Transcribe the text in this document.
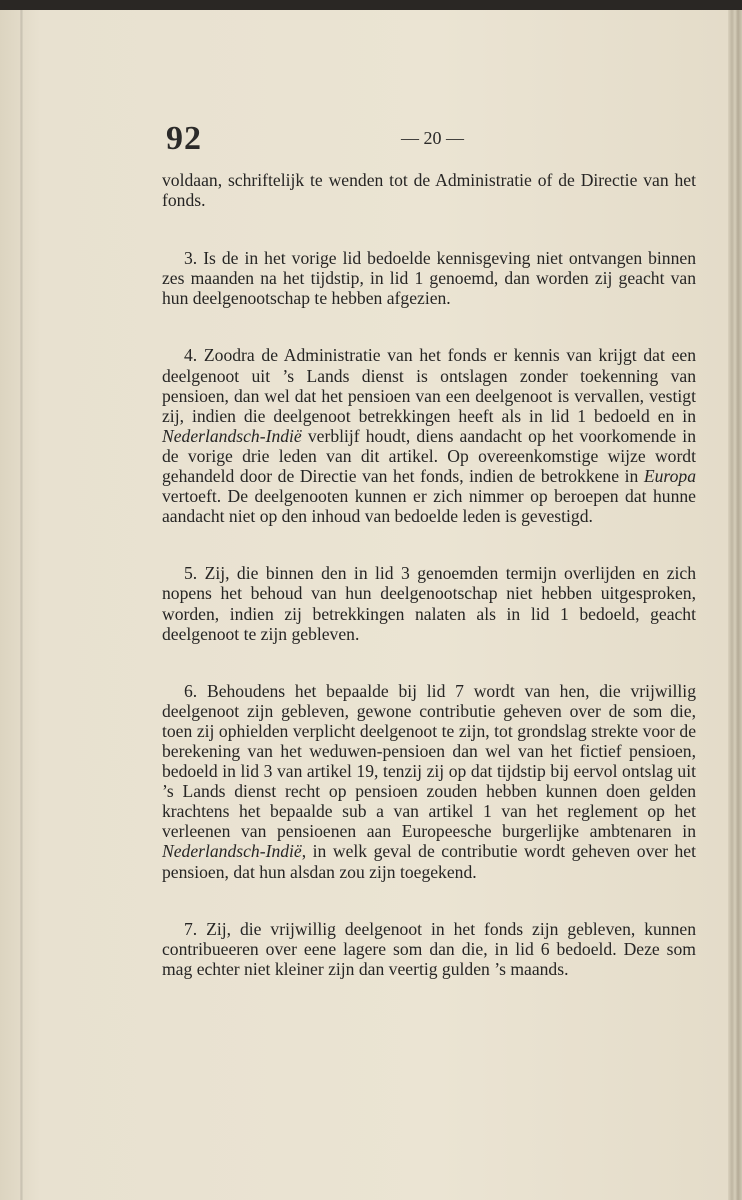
92	— 20 —

voldaan, schriftelijk te wenden tot de Administratie of de Directie van het fonds.

3. Is de in het vorige lid bedoelde kennisgeving niet ontvangen binnen zes maanden na het tijdstip, in lid 1 genoemd, dan worden zij geacht van hun deelgenootschap te hebben afgezien.

4. Zoodra de Administratie van het fonds er kennis van krijgt dat een deelgenoot uit ’s Lands dienst is ontslagen zonder toekenning van pensioen, dan wel dat het pensioen van een deelgenoot is vervallen, vestigt zij, indien die deelgenoot betrekkingen heeft als in lid 1 bedoeld en in Nederlandsch-Indië verblijf houdt, diens aandacht op het voorkomende in de vorige drie leden van dit artikel. Op overeenkomstige wijze wordt gehandeld door de Directie van het fonds, indien de betrokkene in Europa vertoeft. De deelgenooten kunnen er zich nimmer op beroepen dat hunne aandacht niet op den inhoud van bedoelde leden is gevestigd.

5. Zij, die binnen den in lid 3 genoemden termijn overlijden en zich nopens het behoud van hun deelgenootschap niet hebben uitgesproken, worden, indien zij betrekkingen nalaten als in lid 1 bedoeld, geacht deelgenoot te zijn gebleven.

6. Behoudens het bepaalde bij lid 7 wordt van hen, die vrijwillig deelgenoot zijn gebleven, gewone contributie geheven over de som die, toen zij ophielden verplicht deelgenoot te zijn, tot grondslag strekte voor de berekening van het weduwen-pensioen dan wel van het fictief pensioen, bedoeld in lid 3 van artikel 19, tenzij zij op dat tijdstip bij eervol ontslag uit ’s Lands dienst recht op pensioen zouden hebben kunnen doen gelden krachtens het bepaalde sub a van artikel 1 van het reglement op het verleenen van pensioenen aan Europeesche burgerlijke ambtenaren in Nederlandsch-Indië, in welk geval de contributie wordt geheven over het pensioen, dat hun alsdan zou zijn toegekend.

7. Zij, die vrijwillig deelgenoot in het fonds zijn gebleven, kunnen contribueeren over eene lagere som dan die, in lid 6 bedoeld. Deze som mag echter niet kleiner zijn dan veertig gulden ’s maands.
